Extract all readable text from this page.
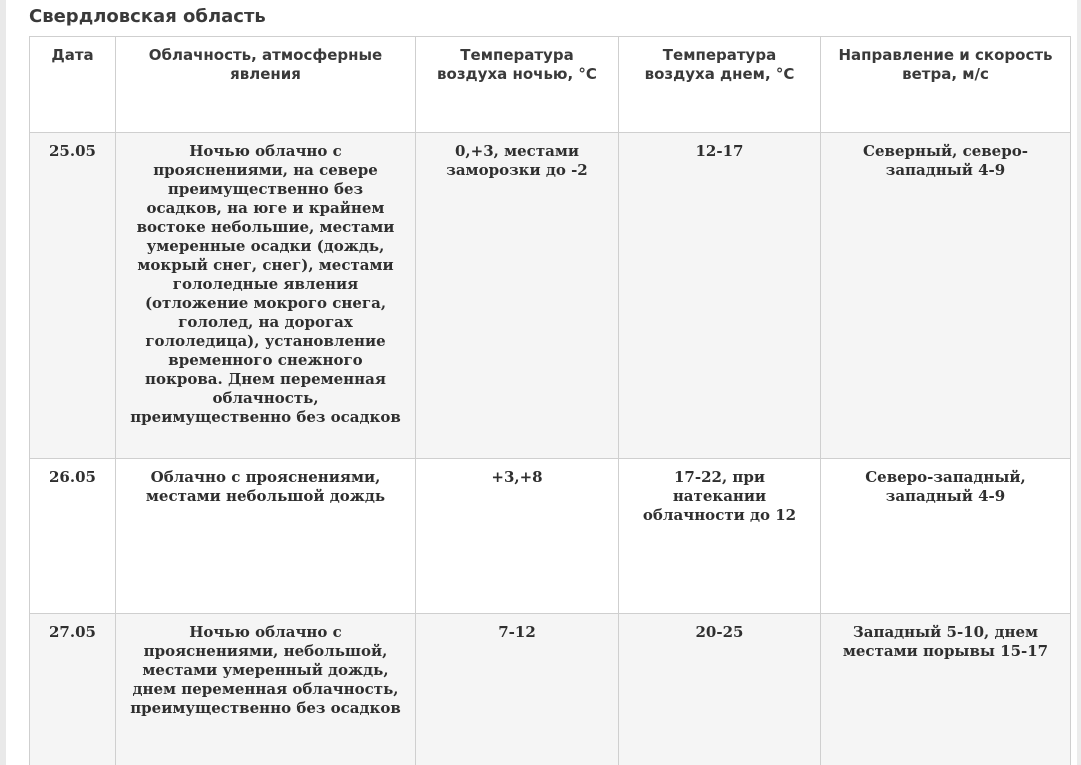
Свердловская область
Дата	Облачность, атмосферные явления	Температура воздуха ночью, °С	Температура воздуха днем, °С	Направление и скорость ветра, м/с
25.05	Ночью облачно с прояснениями, на севере преимущественно без осадков, на юге и крайнем востоке небольшие, местами умеренные осадки (дождь, мокрый снег, снег), местами гололедные явления (отложение мокрого снега, гололед, на дорогах гололедица), установление временного снежного покрова. Днем переменная облачность, преимущественно без осадков	0,+3, местами заморозки до -2	12-17	Северный, северо-западный 4-9
26.05	Облачно с прояснениями, местами небольшой дождь	+3,+8	17-22, при натекании облачности до 12	Северо-западный, западный 4-9
27.05	Ночью облачно с прояснениями, небольшой, местами умеренный дождь, днем переменная облачность, преимущественно без осадков	7-12	20-25	Западный 5-10, днем местами порывы 15-17
